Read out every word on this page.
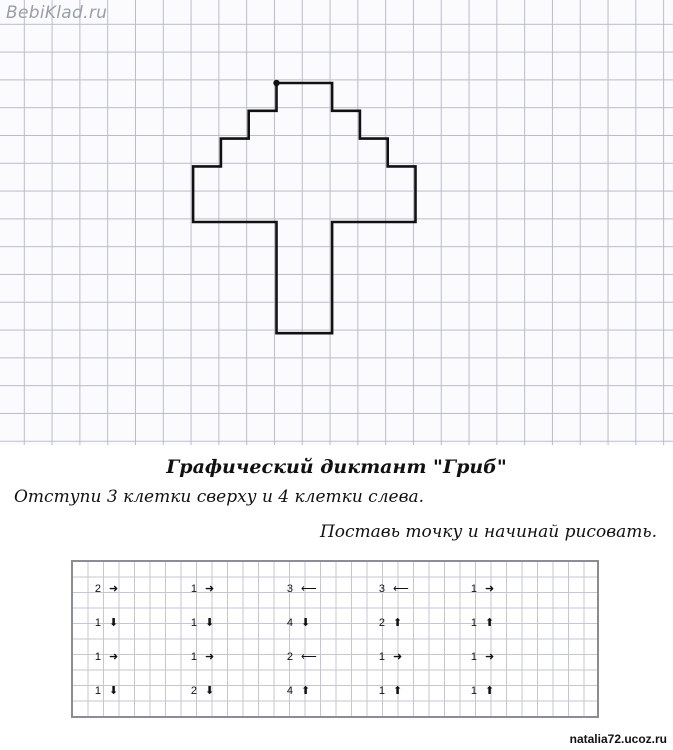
BebiKlad.ru
Графический диктант "Гриб"
Отступи 3 клетки сверху и 4 клетки слева.
Поставь точку и начинай рисовать.
2 ➜
1 ⬇
1 ➜
1 ⬇
1 ➜
1 ⬇
1 ➜
2 ⬇
3 ⟵
4 ⬇
2 ⟵
4 ⬆
3 ⟵
2 ⬆
1 ➜
1 ⬆
1 ➜
1 ⬆
1 ➜
1 ⬆
natalia72.ucoz.ru
